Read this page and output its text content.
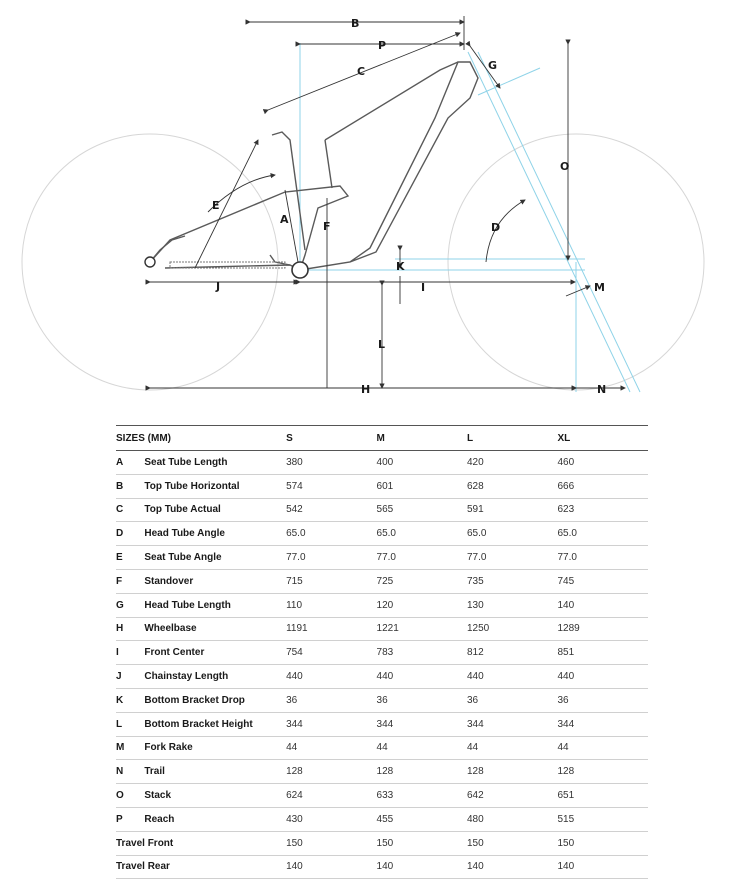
B
P
C	G
O
E
A
F	D
K
J	I	M
L
H	N
SIZES (MM)		S	M	L	XL
A	Seat Tube Length	380	400	420	460
B	Top Tube Horizontal	574	601	628	666
C	Top Tube Actual	542	565	591	623
D	Head Tube Angle	65.0	65.0	65.0	65.0
E	Seat Tube Angle	77.0	77.0	77.0	77.0
F	Standover	715	725	735	745
G	Head Tube Length	110	120	130	140
H	Wheelbase	1191	1221	1250	1289
I	Front Center	754	783	812	851
J	Chainstay Length	440	440	440	440
K	Bottom Bracket Drop	36	36	36	36
L	Bottom Bracket Height	344	344	344	344
M	Fork Rake	44	44	44	44
N	Trail	128	128	128	128
O	Stack	624	633	642	651
P	Reach	430	455	480	515
Travel Front		150	150	150	150
Travel Rear		140	140	140	140
